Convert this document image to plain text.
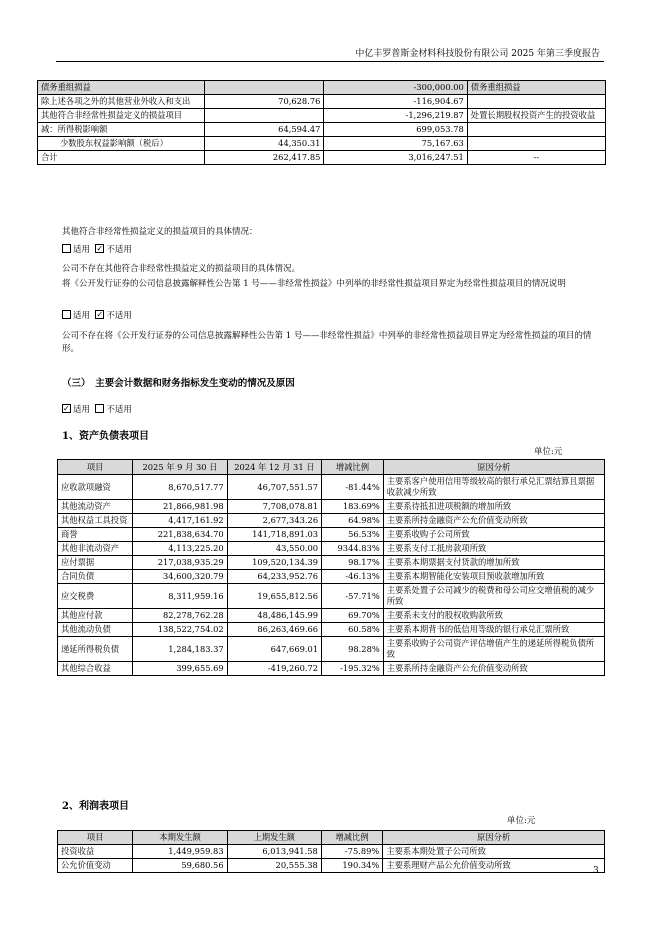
中亿丰罗普斯金材料科技股份有限公司 2025 年第三季度报告
债务重组损益		-300,000.00	债务重组损益
除上述各项之外的其他营业外收入和支出	70,628.76	-116,904.67	
其他符合非经常性损益定义的损益项目		-1,296,219.87	处置长期股权投资产生的投资收益
减：所得税影响额	64,594.47	699,053.78	
少数股东权益影响额（税后）	44,350.31	75,167.63	
合计	262,417.85	3,016,247.51	--
其他符合非经常性损益定义的损益项目的具体情况：
适用 ✓ 不适用
公司不存在其他符合非经常性损益定义的损益项目的具体情况。
将《公开发行证券的公司信息披露解释性公告第 1 号——非经常性损益》中列举的非经常性损益项目界定为经常性损益项目的情况说明
适用 ✓ 不适用
公司不存在将《公开发行证券的公司信息披露解释性公告第 1 号——非经常性损益》中列举的非经常性损益项目界定为经常性损益的项目的情形。
（三）　主要会计数据和财务指标发生变动的情况及原因
✓适用 不适用
1、资产负债表项目
单位:元
项目	2025 年 9 月 30 日	2024 年 12 月 31 日	增减比例	原因分析
应收款项融资	8,670,517.77	46,707,551.57	-81.44%	主要系客户使用信用等级较高的银行承兑汇票结算且票据收款减少所致
其他流动资产	21,866,981.98	7,708,078.81	183.69%	主要系待抵扣进项税额的增加所致
其他权益工具投资	4,417,161.92	2,677,343.26	64.98%	主要系所持金融资产公允价值变动所致
商誉	221,838,634.70	141,718,891.03	56.53%	主要系收购子公司所致
其他非流动资产	4,113,225.20	43,550.00	9344.83%	主要系支付工抵房款项所致
应付票据	217,038,935.29	109,520,134.39	98.17%	主要系本期票据支付货款的增加所致
合同负债	34,600,320.79	64,233,952.76	-46.13%	主要系本期智能化安装项目预收款增加所致
应交税费	8,311,959.16	19,655,812.56	-57.71%	主要系处置子公司减少的税费和母公司应交增值税的减少所致
其他应付款	82,278,762.28	48,486,145.99	69.70%	主要系未支付的股权收购款所致
其他流动负债	138,522,754.02	86,263,469.66	60.58%	主要系本期背书的低信用等级的银行承兑汇票所致
递延所得税负债	1,284,183.37	647,669.01	98.28%	主要系收购子公司资产评估增值产生的递延所得税负债所致
其他综合收益	399,655.69	-419,260.72	-195.32%	主要系所持金融资产公允价值变动所致
2、利润表项目
单位:元
项目	本期发生额	上期发生额	增减比例	原因分析
投资收益	1,449,959.83	6,013,941.58	-75.89%	主要系本期处置子公司所致
公允价值变动	59,680.56	20,555.38	190.34%	主要系理财产品公允价值变动所致
3
